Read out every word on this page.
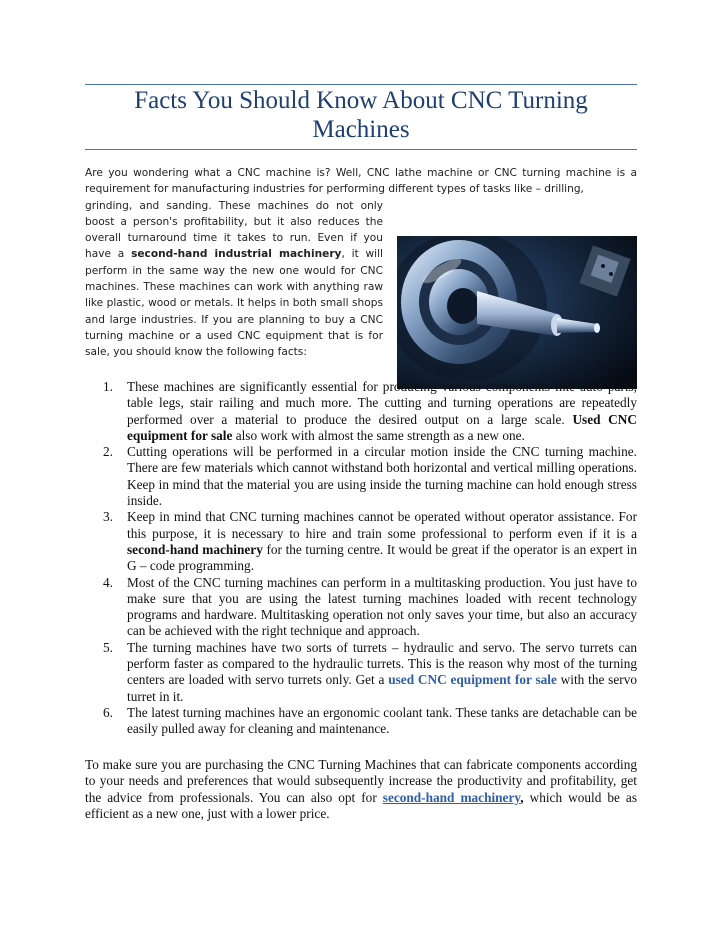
Facts You Should Know About CNC Turning Machines
Are you wondering what a CNC machine is? Well, CNC lathe machine or CNC turning machine is a requirement for manufacturing industries for performing different types of tasks like – drilling,
grinding, and sanding. These machines do not only boost a person's profitability, but it also reduces the overall turnaround time it takes to run. Even if you have a second-hand industrial machinery, it will perform in the same way the new one would for CNC machines. These machines can work with anything raw like plastic, wood or metals. It helps in both small shops and large industries. If you are planning to buy a CNC turning machine or a used CNC equipment that is for sale, you should know the following facts:
1. These machines are significantly essential for producing various components like auto parts, table legs, stair railing and much more. The cutting and turning operations are repeatedly performed over a material to produce the desired output on a large scale. Used CNC equipment for sale also work with almost the same strength as a new one.
2. Cutting operations will be performed in a circular motion inside the CNC turning machine. There are few materials which cannot withstand both horizontal and vertical milling operations. Keep in mind that the material you are using inside the turning machine can hold enough stress inside.
3. Keep in mind that CNC turning machines cannot be operated without operator assistance. For this purpose, it is necessary to hire and train some professional to perform even if it is a second-hand machinery for the turning centre. It would be great if the operator is an expert in G – code programming.
4. Most of the CNC turning machines can perform in a multitasking production. You just have to make sure that you are using the latest turning machines loaded with recent technology programs and hardware. Multitasking operation not only saves your time, but also an accuracy can be achieved with the right technique and approach.
5. The turning machines have two sorts of turrets – hydraulic and servo. The servo turrets can perform faster as compared to the hydraulic turrets. This is the reason why most of the turning centers are loaded with servo turrets only. Get a used CNC equipment for sale with the servo turret in it.
6. The latest turning machines have an ergonomic coolant tank. These tanks are detachable can be easily pulled away for cleaning and maintenance.
To make sure you are purchasing the CNC Turning Machines that can fabricate components according to your needs and preferences that would subsequently increase the productivity and profitability, get the advice from professionals. You can also opt for second-hand machinery, which would be as efficient as a new one, just with a lower price.
